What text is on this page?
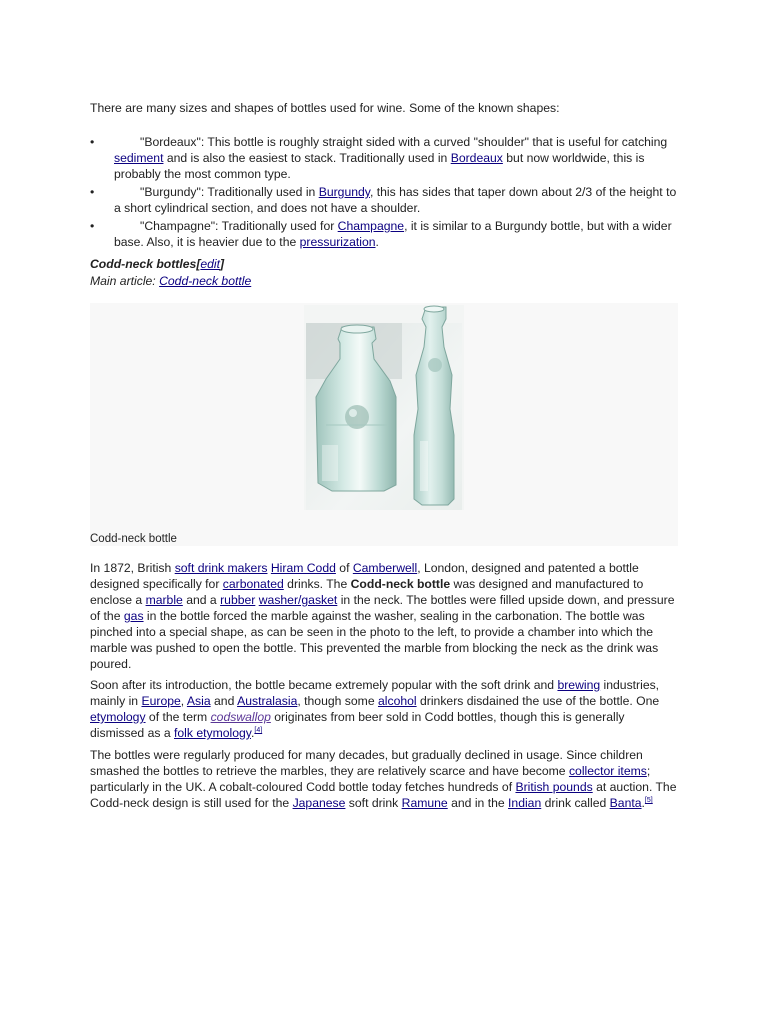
There are many sizes and shapes of bottles used for wine. Some of the known shapes:

•	"Bordeaux": This bottle is roughly straight sided with a curved "shoulder" that is useful for catching sediment and is also the easiest to stack. Traditionally used in Bordeaux but now worldwide, this is probably the most common type.
•	"Burgundy": Traditionally used in Burgundy, this has sides that taper down about 2/3 of the height to a short cylindrical section, and does not have a shoulder.
•	"Champagne": Traditionally used for Champagne, it is similar to a Burgundy bottle, but with a wider base. Also, it is heavier due to the pressurization.
Codd-neck bottles[edit]
Main article: Codd-neck bottle
Codd-neck bottle

In 1872, British soft drink makers Hiram Codd of Camberwell, London, designed and patented a bottle designed specifically for carbonated drinks. The Codd-neck bottle was designed and manufactured to enclose a marble and a rubber washer/gasket in the neck. The bottles were filled upside down, and pressure of the gas in the bottle forced the marble against the washer, sealing in the carbonation. The bottle was pinched into a special shape, as can be seen in the photo to the left, to provide a chamber into which the marble was pushed to open the bottle. This prevented the marble from blocking the neck as the drink was poured.

Soon after its introduction, the bottle became extremely popular with the soft drink and brewing industries, mainly in Europe, Asia and Australasia, though some alcohol drinkers disdained the use of the bottle. One etymology of the term codswallop originates from beer sold in Codd bottles, though this is generally dismissed as a folk etymology.[4]

The bottles were regularly produced for many decades, but gradually declined in usage. Since children smashed the bottles to retrieve the marbles, they are relatively scarce and have become collector items; particularly in the UK. A cobalt-coloured Codd bottle today fetches hundreds of British pounds at auction. The Codd-neck design is still used for the Japanese soft drink Ramune and in the Indian drink called Banta.[5]
